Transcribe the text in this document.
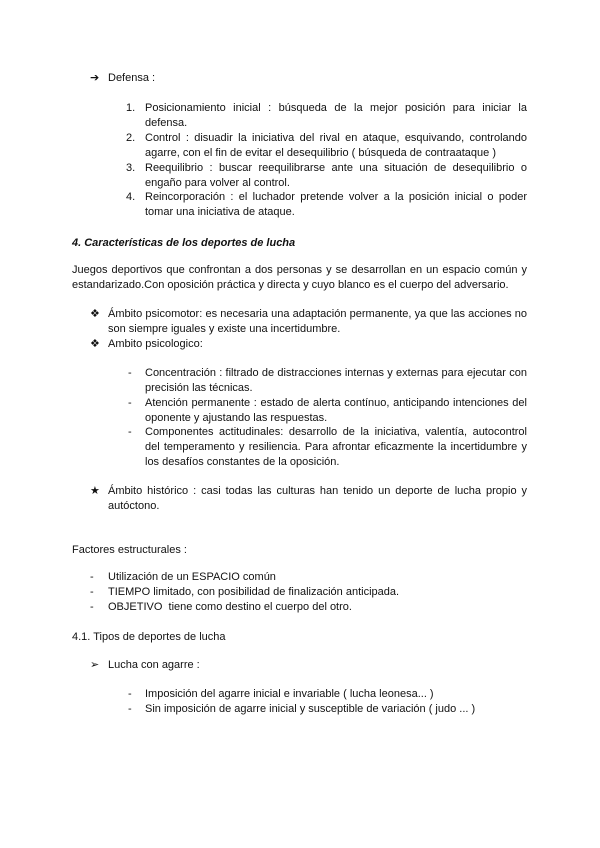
➔ Defensa :
1. Posicionamiento inicial : búsqueda de la mejor posición para iniciar la defensa.
2. Control : disuadir la iniciativa del rival en ataque, esquivando, controlando agarre, con el fin de evitar el desequilibrio ( búsqueda de contraataque )
3. Reequilibrio : buscar reequilibrarse ante una situación de desequilibrio o engaño para volver al control.
4. Reincorporación : el luchador pretende volver a la posición inicial o poder tomar una iniciativa de ataque.
4. Características de los deportes de lucha
Juegos deportivos que confrontan a dos personas y se desarrollan en un espacio común y estandarizado.Con oposición práctica y directa y cuyo blanco es el cuerpo del adversario.
❖ Ámbito psicomotor: es necesaria una adaptación permanente, ya que las acciones no son siempre iguales y existe una incertidumbre.
❖ Ambito psicologico:
- Concentración : filtrado de distracciones internas y externas para ejecutar con precisión las técnicas.
- Atención permanente : estado de alerta contínuo, anticipando intenciones del oponente y ajustando las respuestas.
- Componentes actitudinales: desarrollo de la iniciativa, valentía, autocontrol del temperamento y resiliencia. Para afrontar eficazmente la incertidumbre y los desafíos constantes de la oposición.
★ Ámbito histórico : casi todas las culturas han tenido un deporte de lucha propio y autóctono.
Factores estructurales :
- Utilización de un ESPACIO común
- TIEMPO limitado, con posibilidad de finalización anticipada.
- OBJETIVO  tiene como destino el cuerpo del otro.
4.1. Tipos de deportes de lucha
➢ Lucha con agarre :
- Imposición del agarre inicial e invariable ( lucha leonesa... )
- Sin imposición de agarre inicial y susceptible de variación ( judo ... )
